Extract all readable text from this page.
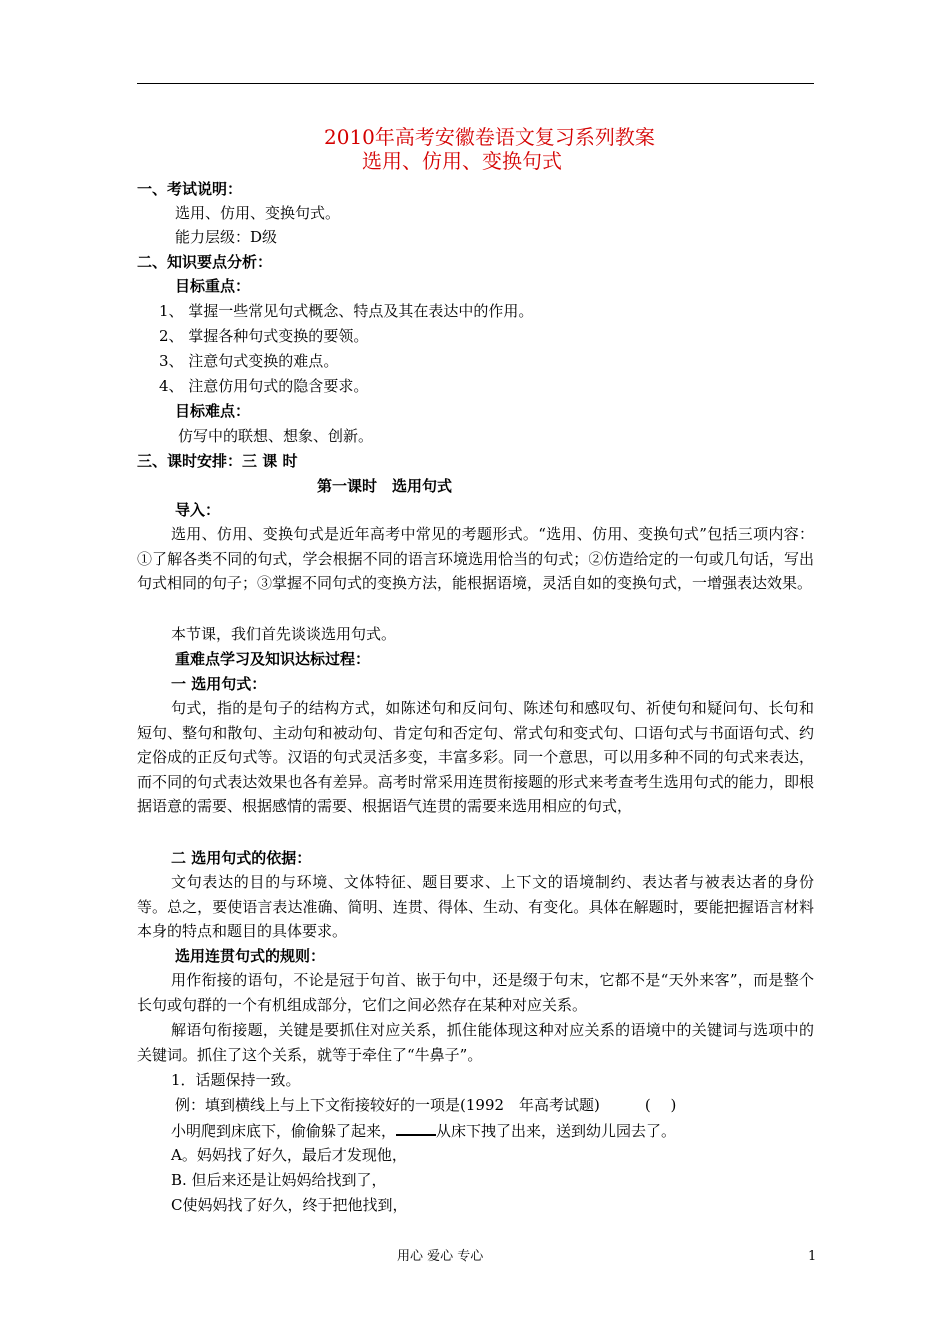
2010年高考安徽卷语文复习系列教案
选用、仿用、变换句式
一、考试说明：
选用、仿用、变换句式。
能力层级：D级
二、知识要点分析：
目标重点：
1、 掌握一些常见句式概念、特点及其在表达中的作用。
2、 掌握各种句式变换的要领。
3、 注意句式变换的难点。
4、 注意仿用句式的隐含要求。
目标难点：
仿写中的联想、想象、创新。
三、课时安排：三 课 时
第一课时　选用句式
导入：
选用、仿用、变换句式是近年高考中常见的考题形式。“选用、仿用、变换句式”包括三项内容：①了解各类不同的句式，学会根据不同的语言环境选用恰当的句式；②仿造给定的一句或几句话，写出句式相同的句子；③掌握不同句式的变换方法，能根据语境，灵活自如的变换句式，一增强表达效果。
本节课，我们首先谈谈选用句式。
重难点学习及知识达标过程：
一 选用句式：
句式，指的是句子的结构方式，如陈述句和反问句、陈述句和感叹句、祈使句和疑问句、长句和短句、整句和散句、主动句和被动句、肯定句和否定句、常式句和变式句、口语句式与书面语句式、约定俗成的正反句式等。汉语的句式灵活多变，丰富多彩。同一个意思，可以用多种不同的句式来表达，而不同的句式表达效果也各有差异。高考时常采用连贯衔接题的形式来考查考生选用句式的能力，即根据语意的需要、根据感情的需要、根据语气连贯的需要来选用相应的句式，
二 选用句式的依据：
文句表达的目的与环境、文体特征、题目要求、上下文的语境制约、表达者与被表达者的身份等。总之，要使语言表达准确、简明、连贯、得体、生动、有变化。具体在解题时，要能把握语言材料本身的特点和题目的具体要求。
选用连贯句式的规则：
用作衔接的语句，不论是冠于句首、嵌于句中，还是缀于句末，它都不是“天外来客”，而是整个长句或句群的一个有机组成部分，它们之间必然存在某种对应关系。
解语句衔接题，关键是要抓住对应关系，抓住能体现这种对应关系的语境中的关键词与选项中的关键词。抓住了这个关系，就等于牵住了“牛鼻子”。
1．话题保持一致。
例：填到横线上与上下文衔接较好的一项是(1992　年高考试题)　　　(　 )
小明爬到床底下，偷偷躲了起来，	从床下拽了出来，送到幼儿园去了。
A。妈妈找了好久，最后才发现他，
B. 但后来还是让妈妈给找到了，
C使妈妈找了好久，终于把他找到，
用心 爱心 专心	1
